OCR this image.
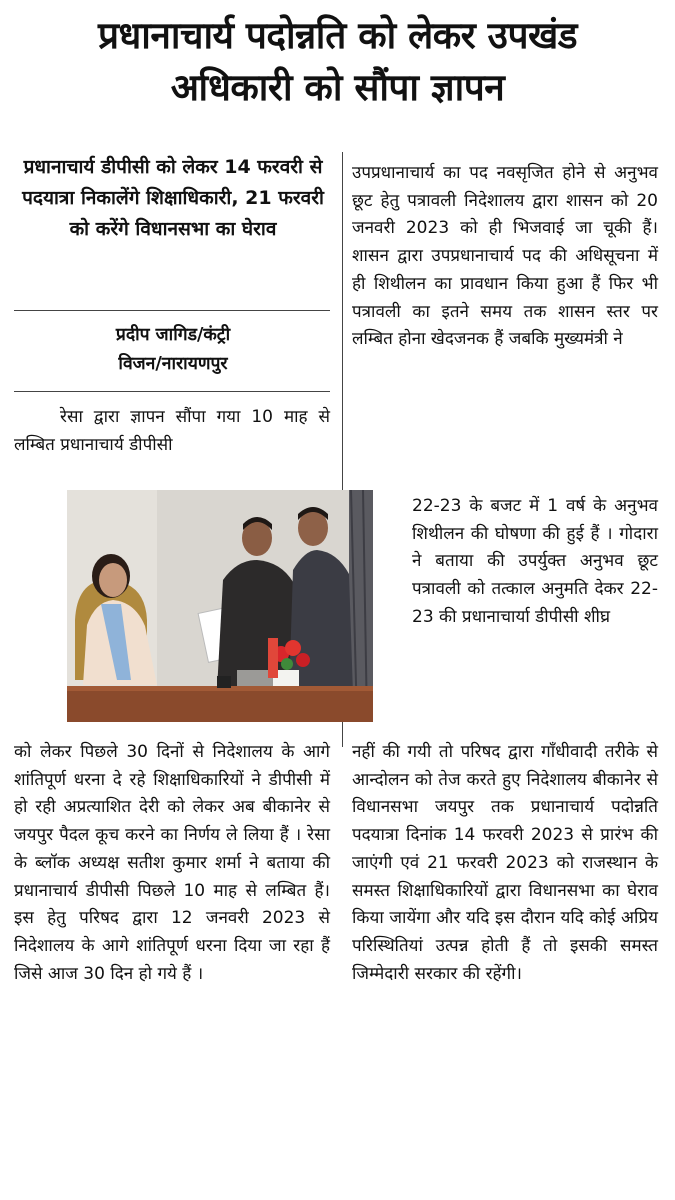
प्रधानाचार्य पदोन्नति को लेकर उपखंड
अधिकारी को सौंपा ज्ञापन
प्रधानाचार्य डीपीसी को लेकर 14 फरवरी से पदयात्रा निकालेंगे शिक्षाधिकारी, 21 फरवरी को करेंगे विधानसभा का घेराव
प्रदीप जागिड/कंट्री
विजन/नारायणपुर

रेसा द्वारा ज्ञापन सौंपा गया 10 माह से लम्बित प्रधानाचार्य डीपीसी

को लेकर पिछले 30 दिनों से निदेशालय के आगे शांतिपूर्ण धरना दे रहे शिक्षाधिकारियों ने डीपीसी में हो रही अप्रत्याशित देरी को लेकर अब बीकानेर से जयपुर पैदल कूच करने का निर्णय ले लिया हैं । रेसा के ब्लॉक अध्यक्ष सतीश कुमार शर्मा ने बताया की प्रधानाचार्य डीपीसी पिछले 10 माह से लम्बित हैं। इस हेतु परिषद द्वारा 12 जनवरी 2023 से निदेशालय के आगे शांतिपूर्ण धरना दिया जा रहा हैं जिसे आज 30 दिन हो गये हैं ।

उपप्रधानाचार्य का पद नवसृजित होने से अनुभव छूट हेतु पत्रावली निदेशालय द्वारा शासन को 20 जनवरी 2023 को ही भिजवाई जा चूकी हैं। शासन द्वारा उपप्रधानाचार्य पद की अधिसूचना में ही शिथीलन का प्रावधान किया हुआ हैं फिर भी पत्रावली का इतने समय तक शासन स्तर पर लम्बित होना खेदजनक हैं जबकि मुख्यमंत्री ने

22-23 के बजट में 1 वर्ष के अनुभव शिथीलन की घोषणा की हुई हैं । गोदारा ने बताया की उपर्युक्त अनुभव छूट पत्रावली को तत्काल अनुमति देकर 22-23 की प्रधानाचार्या डीपीसी शीघ्र

नहीं की गयी तो परिषद द्वारा गाँधीवादी तरीके से आन्दोलन को तेज करते हुए निदेशालय बीकानेर से विधानसभा जयपुर तक प्रधानाचार्य पदोन्नति पदयात्रा दिनांक 14 फरवरी 2023 से प्रारंभ की जाएंगी एवं 21 फरवरी 2023 को राजस्थान के समस्त शिक्षाधिकारियों द्वारा विधानसभा का घेराव किया जायेंगा और यदि इस दौरान यदि कोई अप्रिय परिस्थितियां उत्पन्न होती हैं तो इसकी समस्त जिम्मेदारी सरकार की रहेंगी।
